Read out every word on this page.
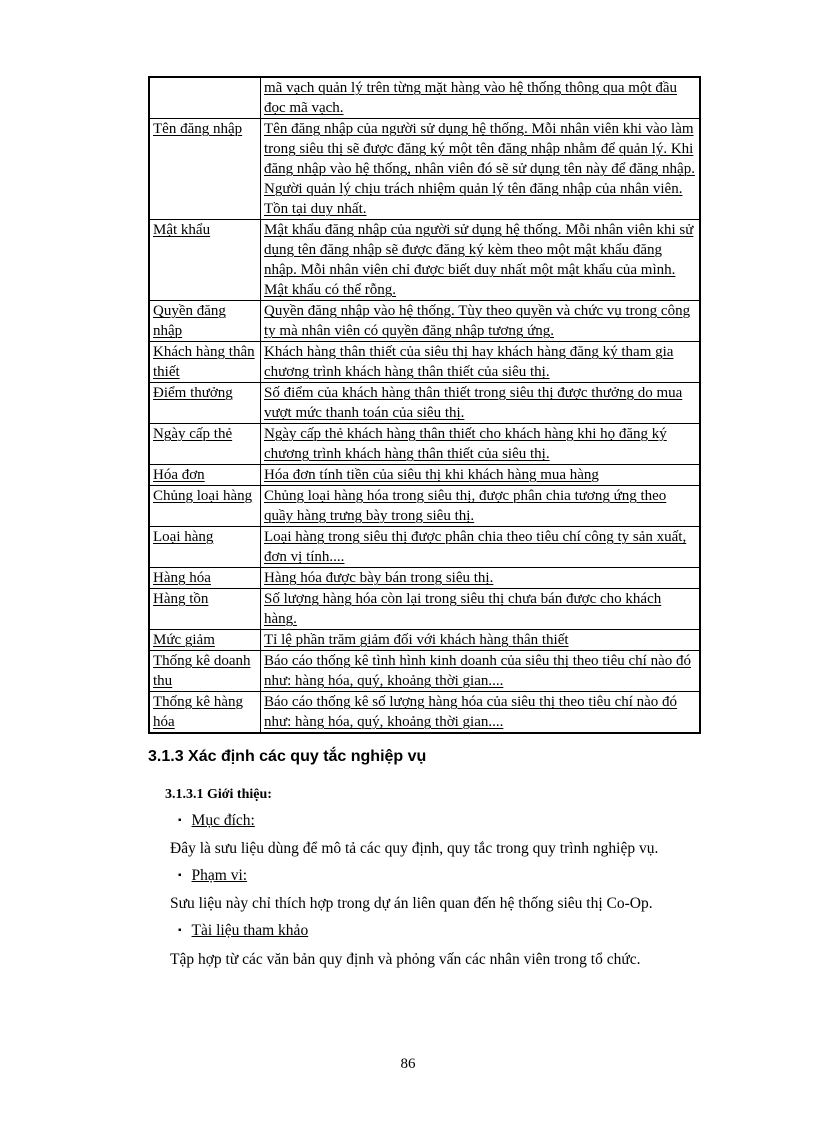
	mã vạch quản lý trên từng mặt hàng vào hệ thống thông qua một đầu đọc mã vạch.
Tên đăng nhập	Tên đăng nhập của người sử dụng hệ thống. Mỗi nhân viên khi vào làm trong siêu thị sẽ được đăng ký một tên đăng nhập nhằm để quản lý. Khi đăng nhập vào hệ thống, nhân viên đó sẽ sử dụng tên này để đăng nhập. Người quản lý chịu trách nhiệm quản lý tên đăng nhập của nhân viên. Tồn tại duy nhất.
Mật khẩu	Mật khẩu đăng nhập của người sử dụng hệ thống. Mỗi nhân viên khi sử dụng tên đăng nhập sẽ được đăng ký kèm theo một mật khẩu đăng nhập. Mỗi nhân viên chỉ được biết duy nhất một mật khẩu của mình. Mật khẩu có thể rỗng.
Quyền đăng nhập	Quyền đăng nhập vào hệ thống. Tùy theo quyền và chức vụ trong công ty mà nhân viên có quyền đăng nhập tương ứng.
Khách hàng thân thiết	Khách hàng thân thiết của siêu thị hay khách hàng đăng ký tham gia chương trình khách hàng thân thiết của siêu thị.
Điểm thưởng	Số điểm của khách hàng thân thiết trong siêu thị được thưởng do mua vượt mức thanh toán của siêu thị.
Ngày cấp thẻ	Ngày cấp thẻ khách hàng thân thiết cho khách hàng khi họ đăng ký chương trình khách hàng thân thiết của siêu thị.
Hóa đơn	Hóa đơn tính tiền của siêu thị khi khách hàng mua hàng
Chủng loại hàng	Chủng loại hàng hóa trong siêu thị, được phân chia tương ứng theo quầy hàng trưng bày trong siêu thị.
Loại hàng	Loại hàng trong siêu thị được phân chia theo tiêu chí công ty sản xuất, đơn vị tính....
Hàng hóa	Hàng hóa được bày bán trong siêu thị.
Hàng tồn	Số lượng hàng hóa còn lại trong siêu thị chưa bán được cho khách hàng.
Mức giảm	Tỉ lệ phần trăm giảm đối với khách hàng thân thiết
Thống kê doanh thu	Báo cáo thống kê tình hình kinh doanh của siêu thị theo tiêu chí nào đó như: hàng hóa, quý, khoảng thời gian....
Thống kê hàng hóa	Báo cáo thống kê số lượng hàng hóa của siêu thị theo tiêu chí nào đó như: hàng hóa, quý, khoảng thời gian....
3.1.3 Xác định các quy tắc nghiệp vụ
3.1.3.1 Giới thiệu:
▪ Mục đích:

Đây là sưu liệu dùng để mô tả các quy định, quy tắc trong quy trình nghiệp vụ.

▪ Phạm vi:

Sưu liệu này chỉ thích hợp trong dự án liên quan đến hệ thống siêu thị Co-Op.

▪ Tài liệu tham khảo

Tập hợp từ các văn bản quy định và phỏng vấn các nhân viên trong tổ chức.

86
